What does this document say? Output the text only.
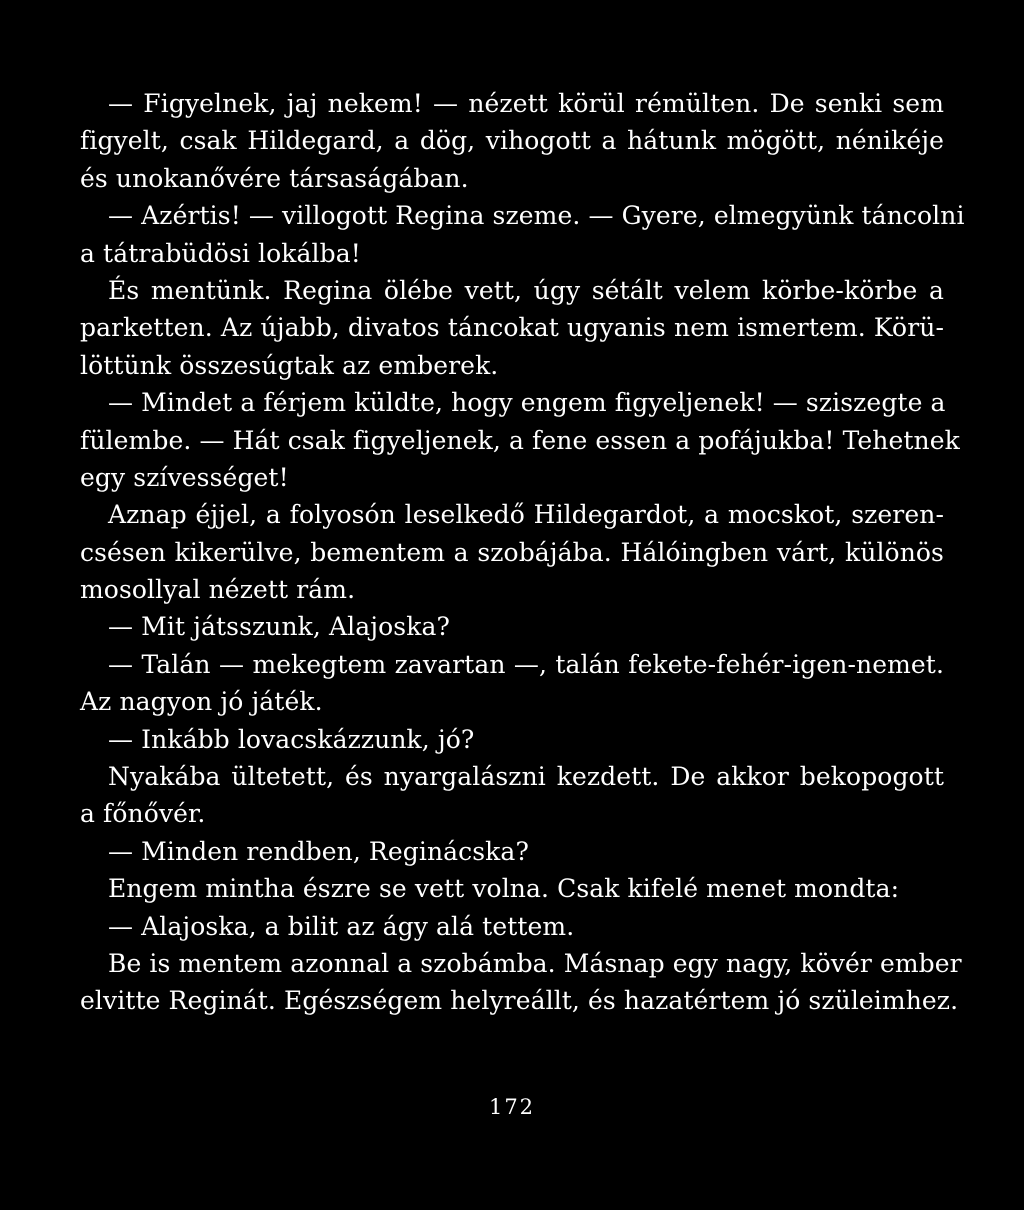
— Figyelnek, jaj nekem! — nézett körül rémülten. De senki sem
figyelt, csak Hildegard, a dög, vihogott a hátunk mögött, nénikéje
és unokanővére társaságában.
— Azértis! — villogott Regina szeme. — Gyere, elmegyünk táncolni
a tátrabüdösi lokálba!
És mentünk. Regina ölébe vett, úgy sétált velem körbe-körbe a
parketten. Az újabb, divatos táncokat ugyanis nem ismertem. Körü-
löttünk összesúgtak az emberek.
— Mindet a férjem küldte, hogy engem figyeljenek! — sziszegte a
fülembe. — Hát csak figyeljenek, a fene essen a pofájukba! Tehetnek
egy szívességet!
Aznap éjjel, a folyosón leselkedő Hildegardot, a mocskot, szeren-
csésen kikerülve, bementem a szobájába. Hálóingben várt, különös
mosollyal nézett rám.
— Mit játsszunk, Alajoska?
— Talán — mekegtem zavartan —, talán fekete-fehér-igen-nemet.
Az nagyon jó játék.
— Inkább lovacskázzunk, jó?
Nyakába ültetett, és nyargalászni kezdett. De akkor bekopogott
a főnővér.
— Minden rendben, Reginácska?
Engem mintha észre se vett volna. Csak kifelé menet mondta:
— Alajoska, a bilit az ágy alá tettem.
Be is mentem azonnal a szobámba. Másnap egy nagy, kövér ember
elvitte Reginát. Egészségem helyreállt, és hazatértem jó szüleimhez.
172
